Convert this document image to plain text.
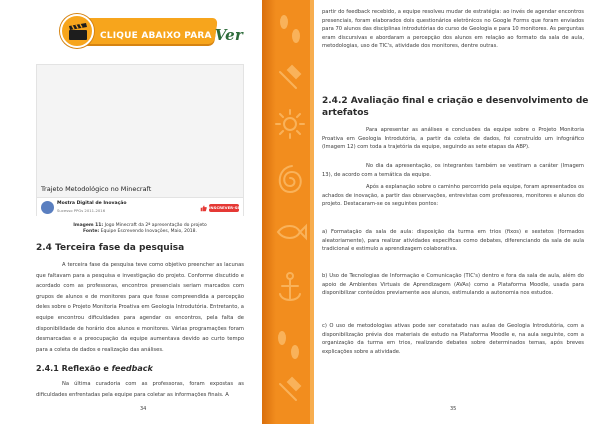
CLIQUE ABAIXO PARA Ver
Trajeto Metodológico no Minecraft
Mostra Digital de Inovação
Sucesso PPGs 2011-2016
INSCREVER-SE
Imagem 11: Jogo Minecraft da 2ª apresentação do projeto
Fonte: Equipe Escrevendo Inovações, Maio, 2018.
2.4 Terceira fase da pesquisa
A terceira fase da pesquisa teve como objetivo preencher as lacunas que faltavam para a pesquisa e investigação do projeto. Conforme discutido e acordado com as professoras, encontros presenciais seriam marcados com grupos de alunos e de monitores para que fosse compreendida a percepção deles sobre o Projeto Monitoria Proativa em Geologia Introdutória. Entretanto, a equipe encontrou dificuldades para agendar os encontros, pela falta de disponibilidade de horário dos alunos e monitores. Várias programações foram desmarcadas e a preocupação da equipe aumentava devido ao curto tempo para a coleta de dados e realização das análises.
2.4.1 Reflexão e feedback
Na última curadoria com as professoras, foram expostas as dificuldades enfrentadas pela equipe para coletar as informações finais. A
34
partir do feedback recebido, a equipe resolveu mudar de estratégia: ao invés de agendar encontros presenciais, foram elaborados dois questionários eletrônicos no Google Forms que foram enviados para 70 alunos das disciplinas introdutórias do curso de Geologia e para 10 monitores. As perguntas eram discursivas e abordaram a percepção dos alunos em relação ao formato da sala de aula, metodologias, uso de TIC's, atividade dos monitores, dentre outras.
2.4.2 Avaliação final e criação e desenvolvimento de
artefatos
Para apresentar as análises e conclusões da equipe sobre o Projeto Monitoria Proativa em Geologia Introdutória, a partir da coleta de dados, foi construído um infográfico (Imagem 12) com toda a trajetória da equipe, seguindo as sete etapas da ABP).
No dia da apresentação, os integrantes também se vestiram a caráter (Imagem 13), de acordo com a temática da equipe.
Após a explanação sobre o caminho percorrido pela equipe, foram apresentados os achados de inovação, a partir das observações, entrevistas com professores, monitores e alunos do projeto. Destacaram-se os seguintes pontos:
a) Formatação da sala de aula: disposição da turma em trios (fixos) e sextetos (formados aleatoriamente), para realizar atividades específicas como debates, diferenciando da sala de aula tradicional e estimulo a aprendizagem colaborativa.
b) Uso de Tecnologias de Informação e Comunicação (TIC's) dentro e fora da sala de aula, além do apoio de Ambientes Virtuais de Aprendizagem (AVAs) como a Plataforma Moodle, usada para disponibilizar conteúdos previamente aos alunos, estimulando a autonomia nos estudos.
c) O uso de metodologias ativas pode ser constatado nas aulas de Geologia Introdutória, com a disponibilização prévia dos materiais de estudo na Plataforma Moodle e, na aula seguinte, com a organização da turma em trios, realizando debates sobre determinados temas, após breves explicações sobre a atividade.
35
